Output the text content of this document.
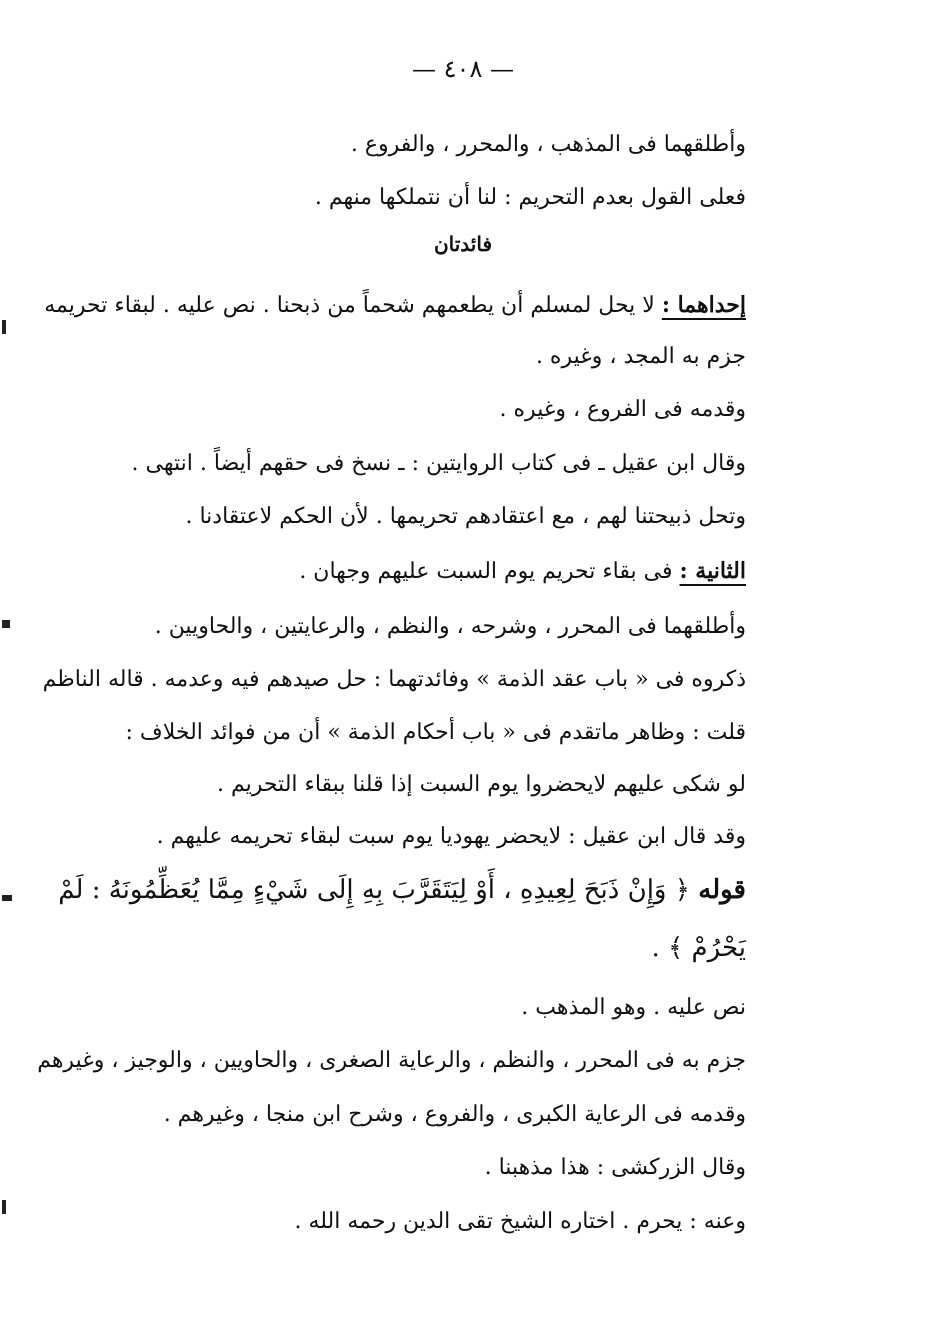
— ٤٠٨ —
وأطلقهما فى المذهب ، والمحرر ، والفروع .
فعلى القول بعدم التحريم : لنا أن نتملكها منهم .
فائدتان
إحداهما : لا يحل لمسلم أن يطعمهم شحماً من ذبحنا . نص عليه . لبقاء تحريمه
جزم به المجد ، وغيره .
وقدمه فى الفروع ، وغيره .
وقال ابن عقيل ـ فى كتاب الروايتين : ـ نسخ فى حقهم أيضاً . انتهى .
وتحل ذبيحتنا لهم ، مع اعتقادهم تحريمها . لأن الحكم لاعتقادنا .
الثانية : فى بقاء تحريم يوم السبت عليهم وجهان .
وأطلقهما فى المحرر ، وشرحه ، والنظم ، والرعايتين ، والحاويين .
ذكروه فى « باب عقد الذمة » وفائدتهما : حل صيدهم فيه وعدمه . قاله الناظم
قلت : وظاهر ماتقدم فى « باب أحكام الذمة » أن من فوائد الخلاف :
لو شكى عليهم لايحضروا يوم السبت إذا قلنا ببقاء التحريم .
وقد قال ابن عقيل : لايحضر يهوديا يوم سبت لبقاء تحريمه عليهم .
قوله ﴿ وَإِنْ ذَبَحَ لِعِيدِهِ ، أَوْ لِيَتَقَرَّبَ بِهِ إِلَى شَيْءٍ مِمَّا يُعَظِّمُونَهُ : لَمْ
يَحْرُمْ ﴾ .
نص عليه . وهو المذهب .
جزم به فى المحرر ، والنظم ، والرعاية الصغرى ، والحاويين ، والوجيز ، وغيرهم
وقدمه فى الرعاية الكبرى ، والفروع ، وشرح ابن منجا ، وغيرهم .
وقال الزركشى : هذا مذهبنا .
وعنه : يحرم . اختاره الشيخ تقى الدين رحمه الله .
